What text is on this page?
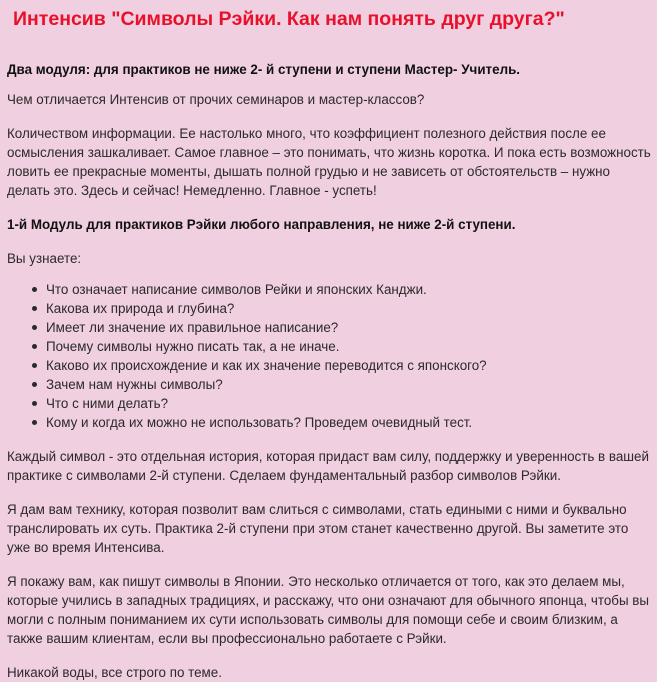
Интенсив "Символы Рэйки. Как нам понять друг друга?"

Два модуля: для практиков не ниже 2- й ступени и ступени Мастер- Учитель.

Чем отличается Интенсив от прочих семинаров и мастер-классов?

Количеством информации. Ее настолько много, что коэффициент полезного действия после ее осмысления зашкаливает. Самое главное – это понимать, что жизнь коротка. И пока есть возможность ловить ее прекрасные моменты, дышать полной грудью и не зависеть от обстоятельств – нужно делать это. Здесь и сейчас! Немедленно. Главное - успеть!

1-й Модуль для практиков Рэйки любого направления, не ниже 2-й ступени.

Вы узнаете:

Что означает написание символов Рейки и японских Канджи.
Какова их природа и глубина?
Имеет ли значение их правильное написание?
Почему символы нужно писать так, а не иначе.
Каково их происхождение и как их значение переводится с японского?
Зачем нам нужны символы?
Что с ними делать?
Кому и когда их можно не использовать? Проведем очевидный тест.

Каждый символ - это отдельная история, которая придаст вам силу, поддержку и уверенность в вашей практике с символами 2-й ступени. Сделаем фундаментальный разбор символов Рэйки.

Я дам вам технику, которая позволит вам слиться с символами, стать едиными с ними и буквально транслировать их суть. Практика 2-й ступени при этом станет качественно другой. Вы заметите это уже во время Интенсива.

Я покажу вам, как пишут символы в Японии. Это несколько отличается от того, как это делаем мы, которые учились в западных традициях, и расскажу, что они означают для обычного японца, чтобы вы могли с полным пониманием их сути использовать символы для помощи себе и своим близким, а также вашим клиентам, если вы профессионально работаете с Рэйки.

Никакой воды, все строго по теме.
